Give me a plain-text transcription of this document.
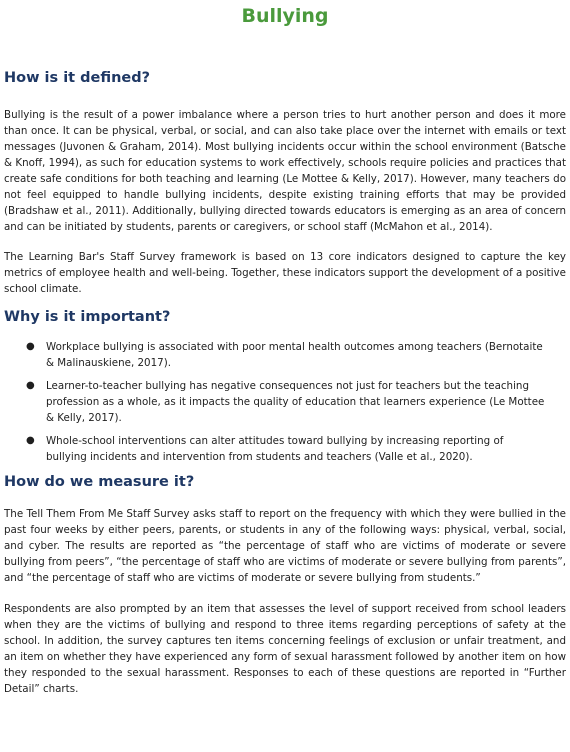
Bullying
How is it defined?

Bullying is the result of a power imbalance where a person tries to hurt another person and does it more than once. It can be physical, verbal, or social, and can also take place over the internet with emails or text messages (Juvonen & Graham, 2014). Most bullying incidents occur within the school environment (Batsche & Knoff, 1994), as such for education systems to work effectively, schools require policies and practices that create safe conditions for both teaching and learning (Le Mottee & Kelly, 2017). However, many teachers do not feel equipped to handle bullying incidents, despite existing training efforts that may be provided (Bradshaw et al., 2011). Additionally, bullying directed towards educators is emerging as an area of concern and can be initiated by students, parents or caregivers, or school staff (McMahon et al., 2014).

The Learning Bar's Staff Survey framework is based on 13 core indicators designed to capture the key metrics of employee health and well-being. Together, these indicators support the development of a positive school climate.

Why is it important?
● Workplace bullying is associated with poor mental health outcomes among teachers (Bernotaite & Malinauskiene, 2017).
● Learner-to-teacher bullying has negative consequences not just for teachers but the teaching profession as a whole, as it impacts the quality of education that learners experience (Le Mottee & Kelly, 2017).
● Whole-school interventions can alter attitudes toward bullying by increasing reporting of bullying incidents and intervention from students and teachers (Valle et al., 2020).
How do we measure it?

The Tell Them From Me Staff Survey asks staff to report on the frequency with which they were bullied in the past four weeks by either peers, parents, or students in any of the following ways: physical, verbal, social, and cyber. The results are reported as “the percentage of staff who are victims of moderate or severe bullying from peers”, “the percentage of staff who are victims of moderate or severe bullying from parents”, and “the percentage of staff who are victims of moderate or severe bullying from students.”

Respondents are also prompted by an item that assesses the level of support received from school leaders when they are the victims of bullying and respond to three items regarding perceptions of safety at the school. In addition, the survey captures ten items concerning feelings of exclusion or unfair treatment, and an item on whether they have experienced any form of sexual harassment followed by another item on how they responded to the sexual harassment. Responses to each of these questions are reported in “Further Detail” charts.
